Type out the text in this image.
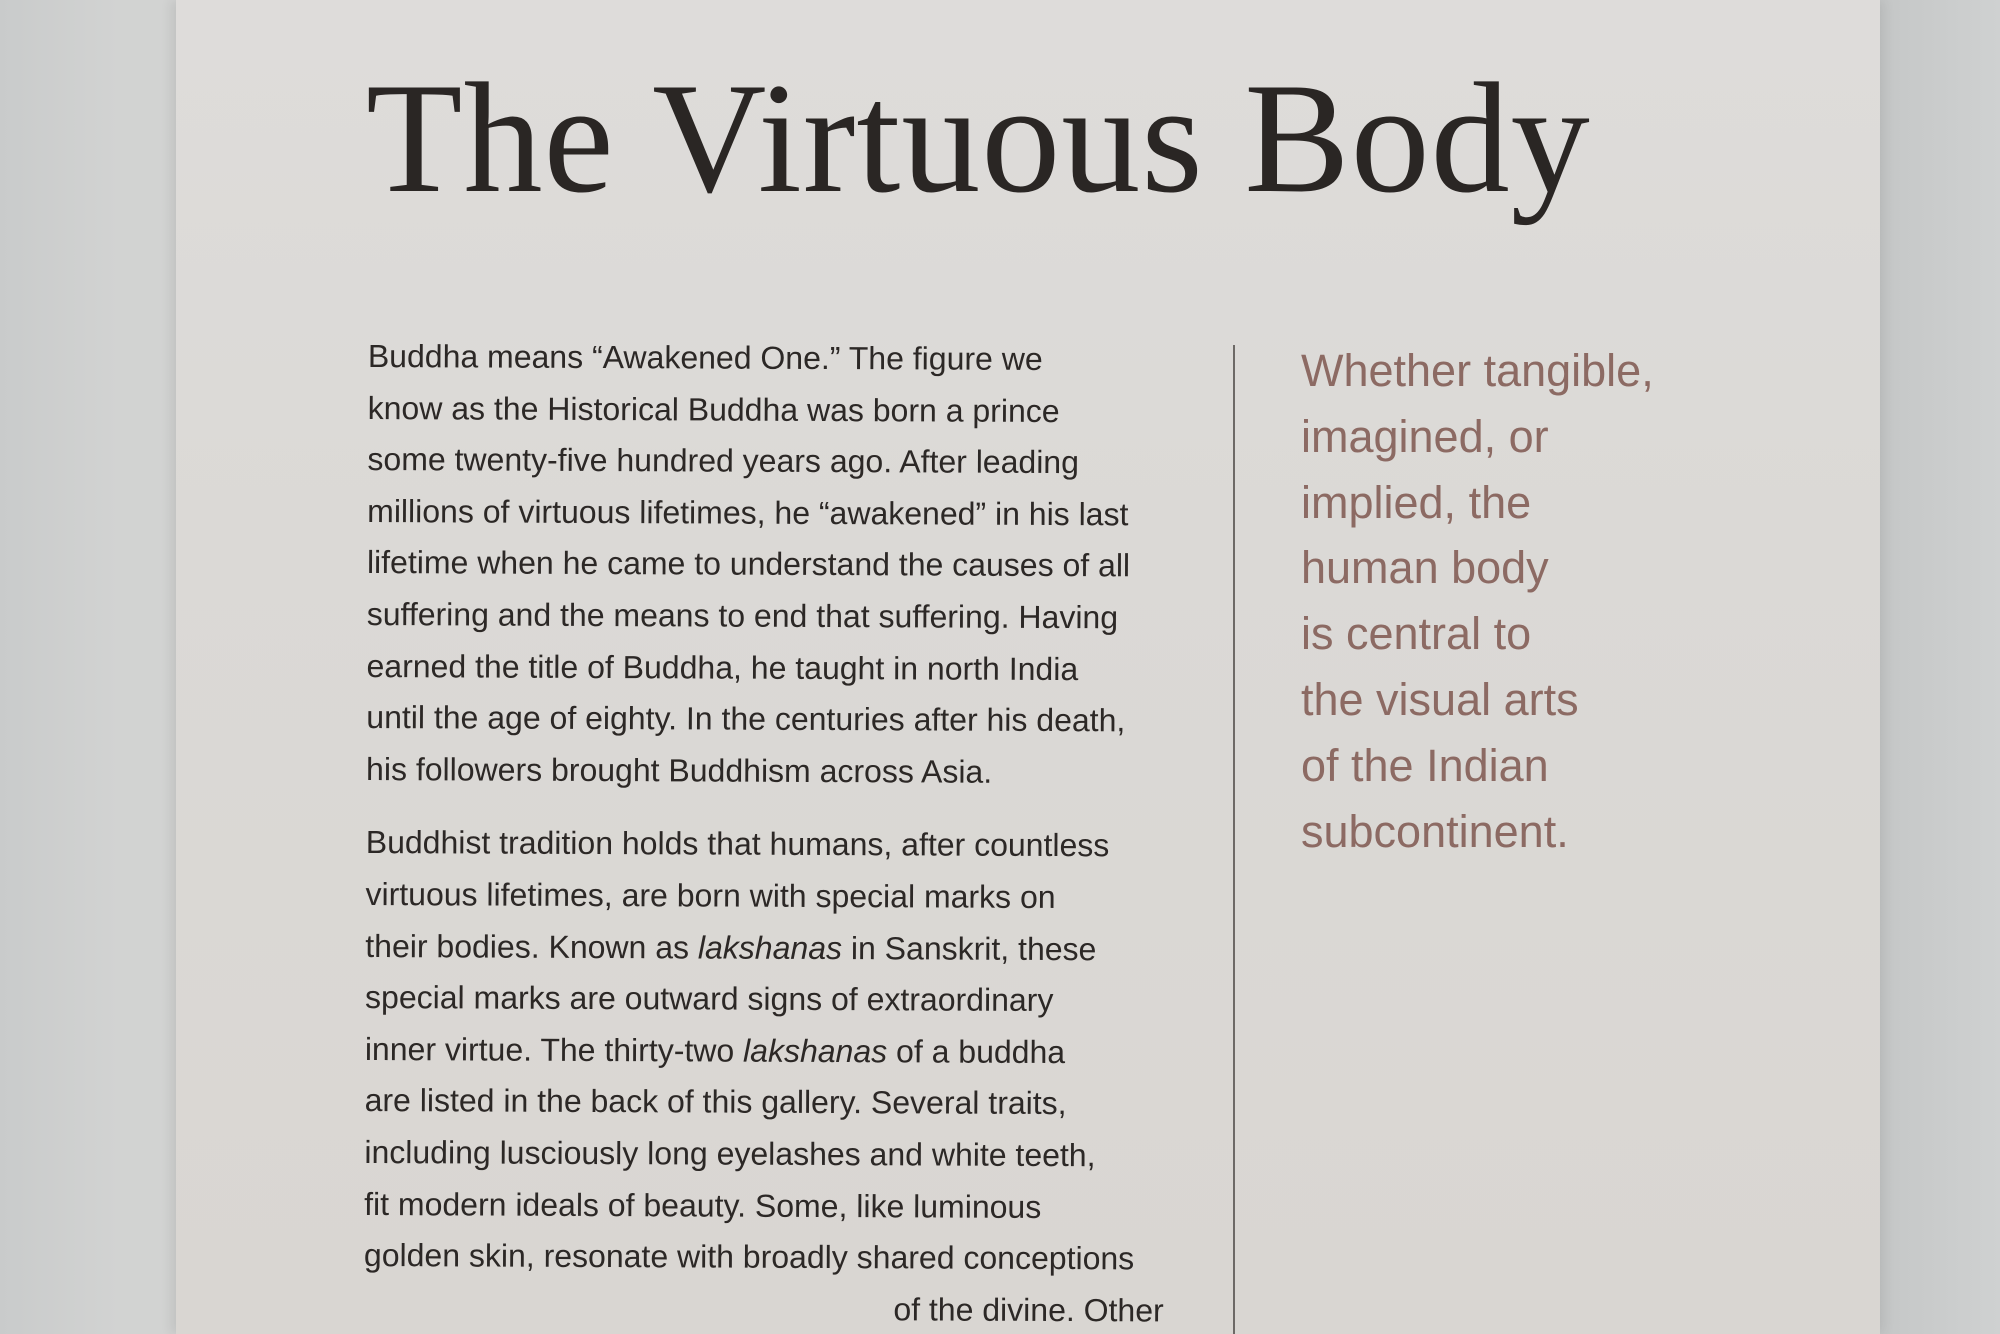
The Virtuous Body

Buddha means “Awakened One.” The figure we
know as the Historical Buddha was born a prince
some twenty-five hundred years ago. After leading
millions of virtuous lifetimes, he “awakened” in his last
lifetime when he came to understand the causes of all
suffering and the means to end that suffering. Having
earned the title of Buddha, he taught in north India
until the age of eighty. In the centuries after his death,
his followers brought Buddhism across Asia.

Buddhist tradition holds that humans, after countless
virtuous lifetimes, are born with special marks on
their bodies. Known as lakshanas in Sanskrit, these
special marks are outward signs of extraordinary
inner virtue. The thirty-two lakshanas of a buddha
are listed in the back of this gallery. Several traits,
including lusciously long eyelashes and white teeth,
fit modern ideals of beauty. Some, like luminous
golden skin, resonate with broadly shared conceptions
of the divine. Other

Whether tangible,
imagined, or
implied, the
human body
is central to
the visual arts
of the Indian
subcontinent.
